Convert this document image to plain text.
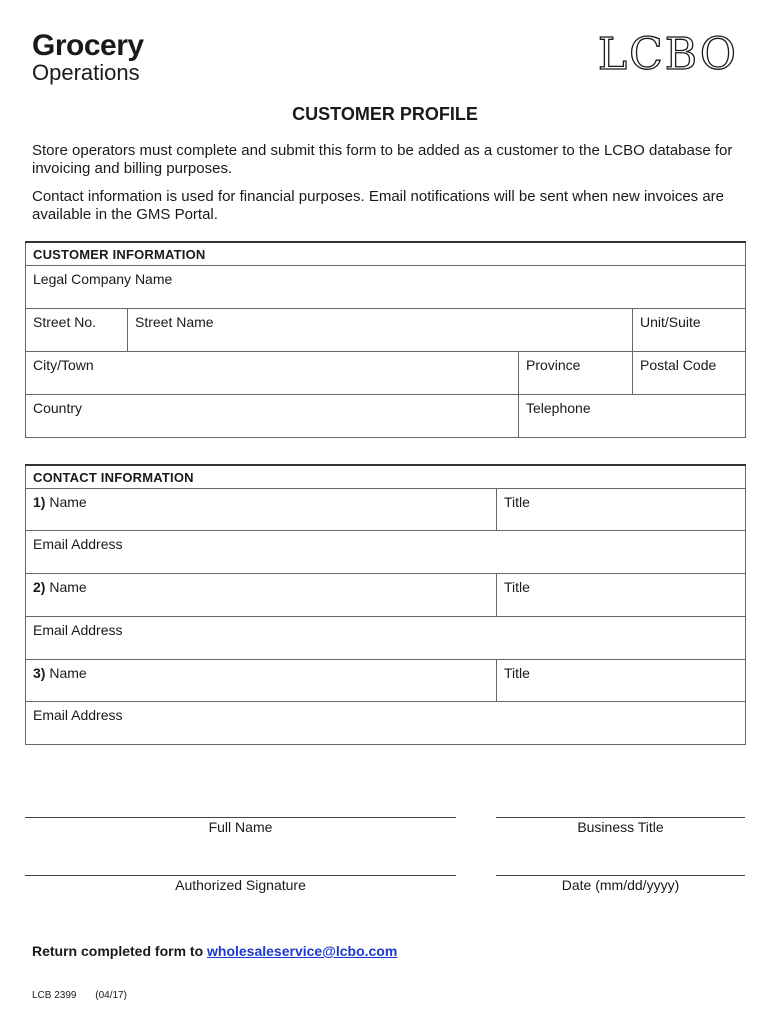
Grocery
Operations	LCBO
CUSTOMER PROFILE
Store operators must complete and submit this form to be added as a customer to the LCBO database for invoicing and billing purposes.
Contact information is used for financial purposes. Email notifications will be sent when new invoices are available in the GMS Portal.
CUSTOMER INFORMATION			
Legal Company Name			
Street No.	Street Name		Unit/Suite
City/Town		Province	Postal Code
Country		Telephone	
CONTACT INFORMATION	
1) Name	Title
Email Address	
2) Name	Title
Email Address	
3) Name	Title
Email Address	
Full Name	Business Title
Authorized Signature	Date (mm/dd/yyyy)
Return completed form to wholesaleservice@lcbo.com
LCB 2399 (04/17)
